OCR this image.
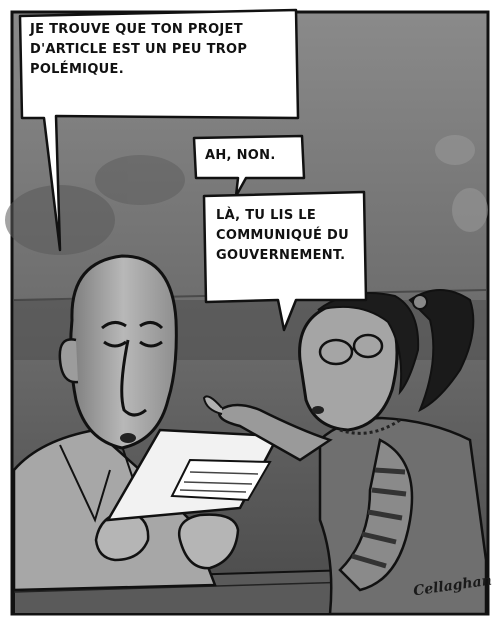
JE TROUVE QUE TON PROJET
D'ARTICLE EST UN PEU TROP
POLÉMIQUE.
AH, NON.
LÀ, TU LIS LE
COMMUNIQUÉ DU
GOUVERNEMENT.
Cellaghan
